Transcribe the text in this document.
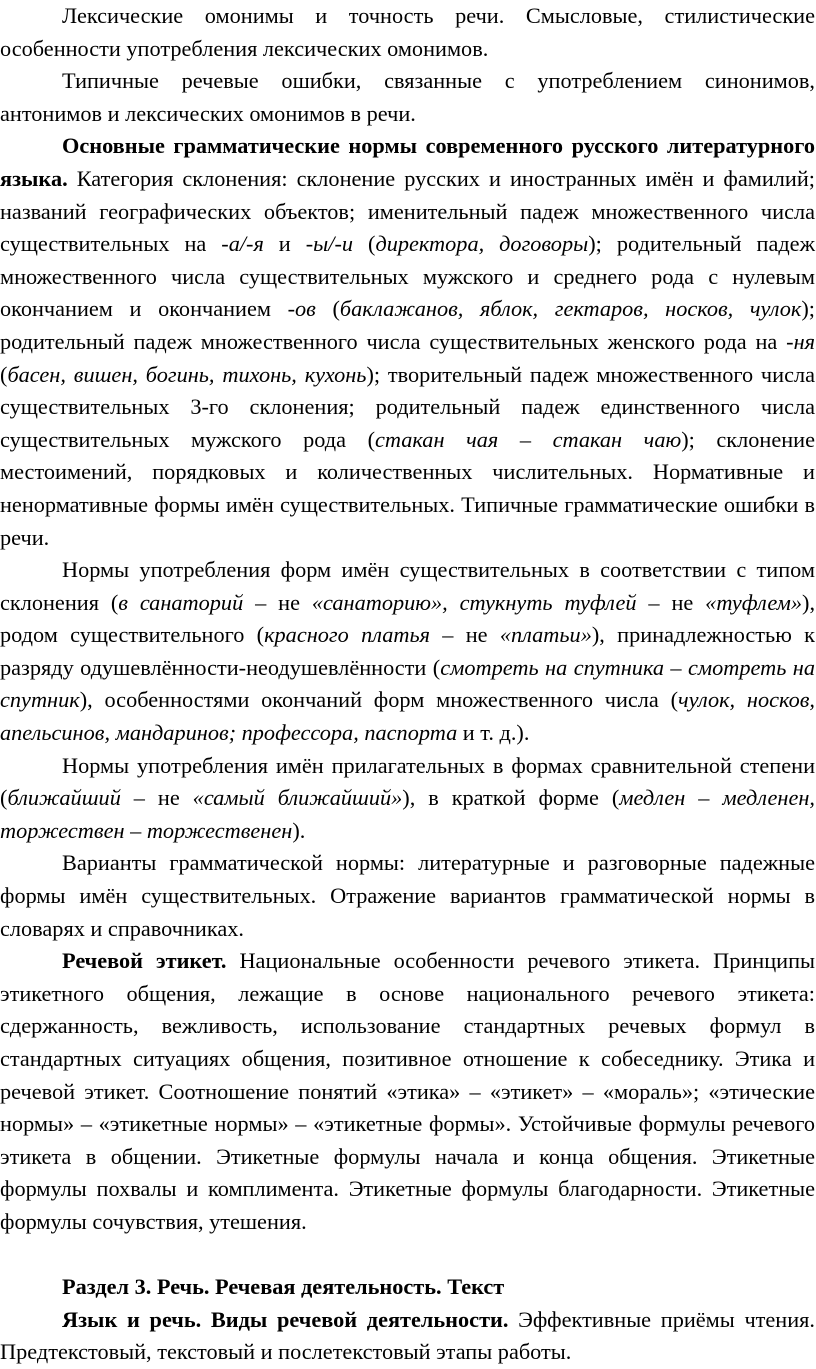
Лексические омонимы и точность речи. Смысловые, стилистические особенности употребления лексических омонимов.

Типичные речевые ошибки, связанные с употреблением синонимов, антонимов и лексических омонимов в речи.

Основные грамматические нормы современного русского литературного языка. Категория склонения: склонение русских и иностранных имён и фамилий; названий географических объектов; именительный падеж множественного числа существительных на -а/-я и -ы/-и (директора, договоры); родительный падеж множественного числа существительных мужского и среднего рода с нулевым окончанием и окончанием -ов (баклажанов, яблок, гектаров, носков, чулок); родительный падеж множественного числа существительных женского рода на -ня (басен, вишен, богинь, тихонь, кухонь); творительный падеж множественного числа существительных 3-го склонения; родительный падеж единственного числа существительных мужского рода (стакан чая – стакан чаю); склонение местоимений, порядковых и количественных числительных. Нормативные и ненормативные формы имён существительных. Типичные грамматические ошибки в речи.

Нормы употребления форм имён существительных в соответствии с типом склонения (в санаторий – не «санаторию», стукнуть туфлей – не «туфлем»), родом существительного (красного платья – не «платьи»), принадлежностью к разряду одушевлённости-неодушевлённости (смотреть на спутника – смотреть на спутник), особенностями окончаний форм множественного числа (чулок, носков, апельсинов, мандаринов; профессора, паспорта и т. д.).

Нормы употребления имён прилагательных в формах сравнительной степени (ближайший – не «самый ближайший»), в краткой форме (медлен – медленен, торжествен – торжественен).

Варианты грамматической нормы: литературные и разговорные падежные формы имён существительных. Отражение вариантов грамматической нормы в словарях и справочниках.

Речевой этикет. Национальные особенности речевого этикета. Принципы этикетного общения, лежащие в основе национального речевого этикета: сдержанность, вежливость, использование стандартных речевых формул в стандартных ситуациях общения, позитивное отношение к собеседнику. Этика и речевой этикет. Соотношение понятий «этика» – «этикет» – «мораль»; «этические нормы» – «этикетные нормы» – «этикетные формы». Устойчивые формулы речевого этикета в общении. Этикетные формулы начала и конца общения. Этикетные формулы похвалы и комплимента. Этикетные формулы благодарности. Этикетные формулы сочувствия, утешения.

Раздел 3. Речь. Речевая деятельность. Текст

Язык и речь. Виды речевой деятельности. Эффективные приёмы чтения. Предтекстовый, текстовый и послетекстовый этапы работы.
